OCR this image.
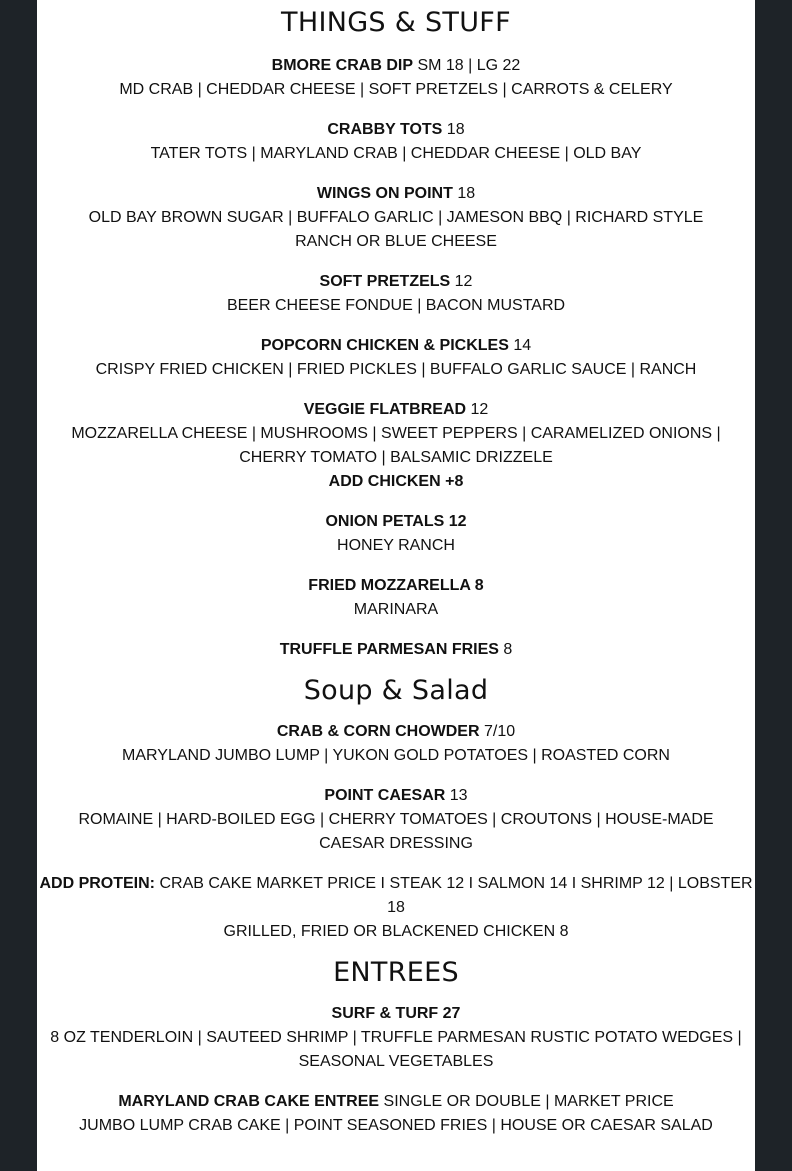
THINGS & STUFF

BMORE CRAB DIP SM 18 | LG 22

MD CRAB | CHEDDAR CHEESE | SOFT PRETZELS | CARROTS & CELERY

CRABBY TOTS 18

TATER TOTS | MARYLAND CRAB | CHEDDAR CHEESE | OLD BAY

WINGS ON POINT 18

OLD BAY BROWN SUGAR | BUFFALO GARLIC | JAMESON BBQ | RICHARD STYLE

RANCH OR BLUE CHEESE

SOFT PRETZELS 12

BEER CHEESE FONDUE | BACON MUSTARD

POPCORN CHICKEN & PICKLES 14

CRISPY FRIED CHICKEN | FRIED PICKLES | BUFFALO GARLIC SAUCE | RANCH

VEGGIE FLATBREAD 12

MOZZARELLA CHEESE | MUSHROOMS | SWEET PEPPERS | CARAMELIZED ONIONS |

CHERRY TOMATO | BALSAMIC DRIZZELE

ADD CHICKEN +8

ONION PETALS 12

HONEY RANCH

FRIED MOZZARELLA 8

MARINARA

TRUFFLE PARMESAN FRIES 8

Soup & Salad

CRAB & CORN CHOWDER 7/10

MARYLAND JUMBO LUMP | YUKON GOLD POTATOES | ROASTED CORN

POINT CAESAR 13

ROMAINE | HARD-BOILED EGG | CHERRY TOMATOES | CROUTONS | HOUSE-MADE

CAESAR DRESSING

ADD PROTEIN: CRAB CAKE MARKET PRICE I STEAK 12 I SALMON 14 I SHRIMP 12 | LOBSTER

18

GRILLED, FRIED OR BLACKENED CHICKEN 8

ENTREES

SURF & TURF 27

8 OZ TENDERLOIN | SAUTEED SHRIMP | TRUFFLE PARMESAN RUSTIC POTATO WEDGES |

SEASONAL VEGETABLES

MARYLAND CRAB CAKE ENTREE SINGLE OR DOUBLE | MARKET PRICE

JUMBO LUMP CRAB CAKE | POINT SEASONED FRIES | HOUSE OR CAESAR SALAD
